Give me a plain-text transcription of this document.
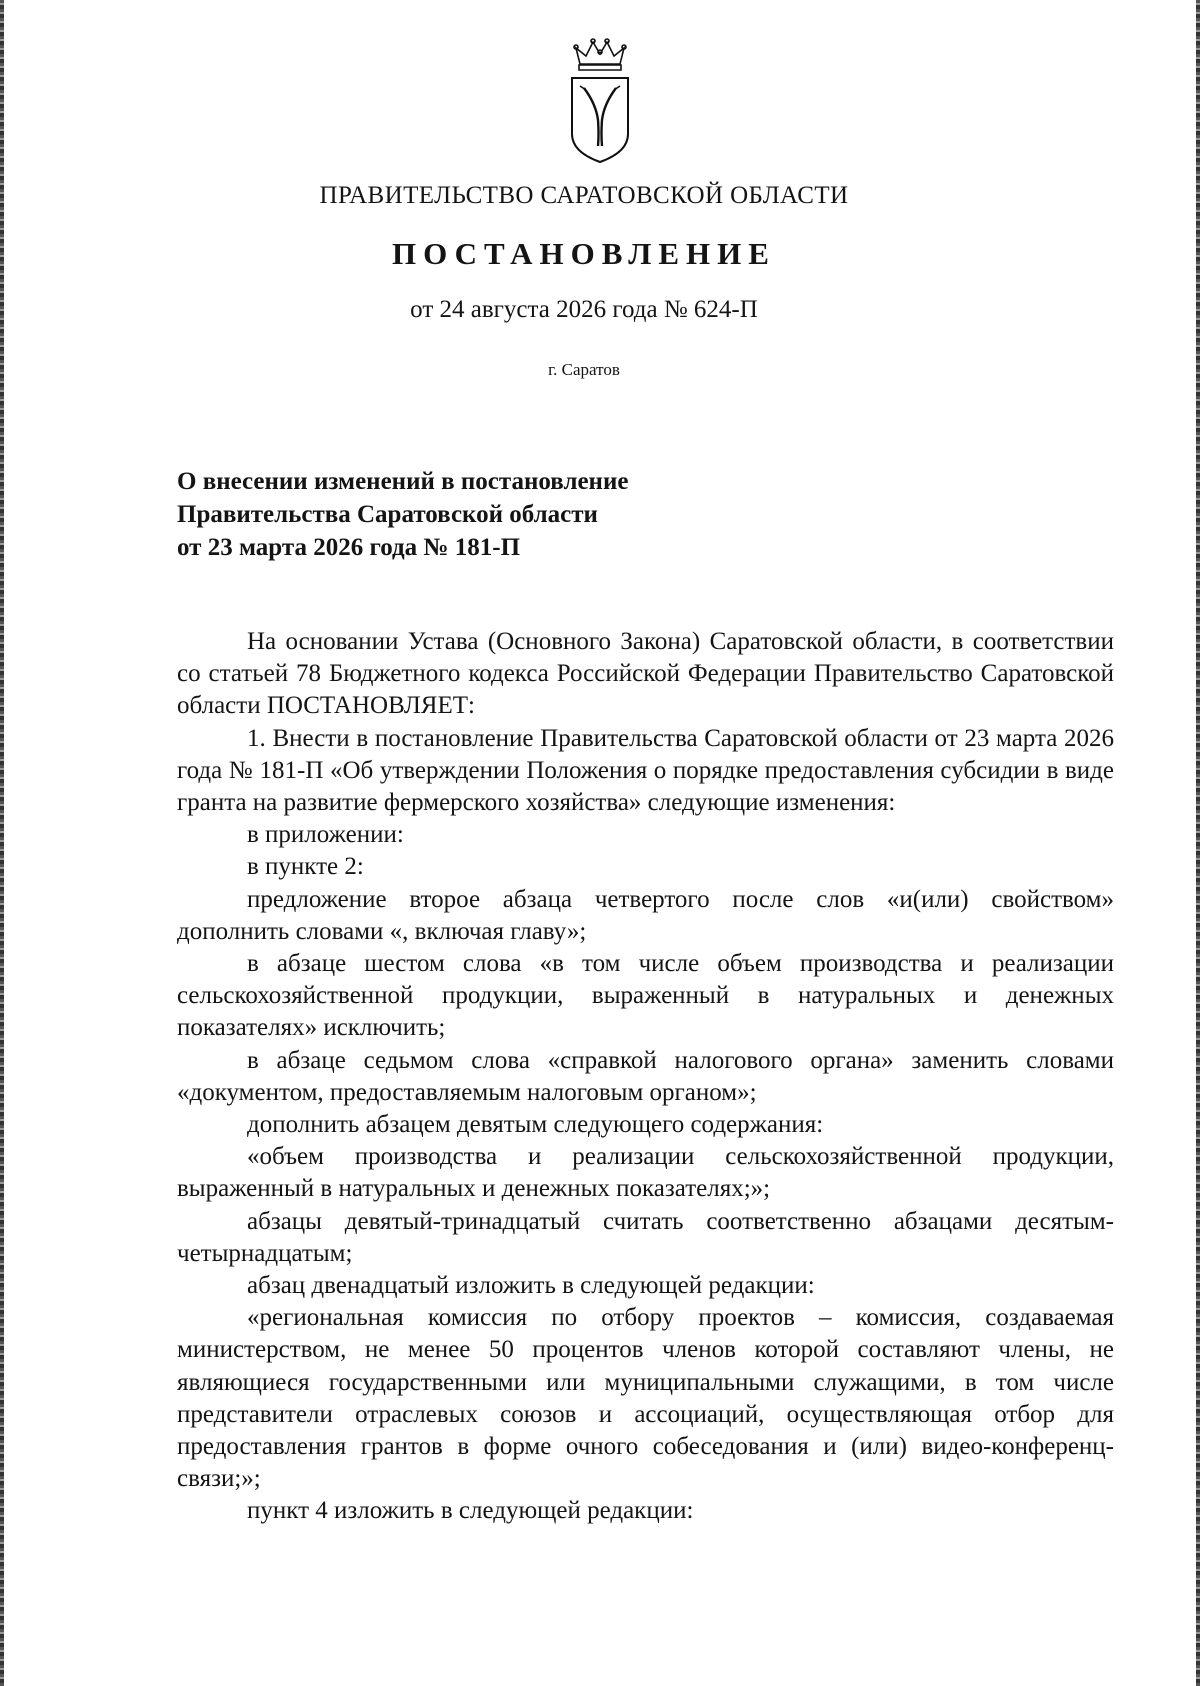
ПРАВИТЕЛЬСТВО САРАТОВСКОЙ ОБЛАСТИ
ПОСТАНОВЛЕНИЕ
от 24 августа 2026 года № 624-П
г. Саратов
О внесении изменений в постановление
Правительства Саратовской области
от 23 марта 2026 года № 181-П

На основании Устава (Основного Закона) Саратовской области, в соответствии со статьей 78 Бюджетного кодекса Российской Федерации Правительство Саратовской области ПОСТАНОВЛЯЕТ:

1. Внести в постановление Правительства Саратовской области от 23 марта 2026 года № 181-П «Об утверждении Положения о порядке предоставления субсидии в виде гранта на развитие фермерского хозяйства» следующие изменения:

в приложении:

в пункте 2:

предложение второе абзаца четвертого после слов «и(или) свойством» дополнить словами «, включая главу»;

в абзаце шестом слова «в том числе объем производства и реализации сельскохозяйственной продукции, выраженный в натуральных и денежных показателях» исключить;

в абзаце седьмом слова «справкой налогового органа» заменить словами «документом, предоставляемым налоговым органом»;

дополнить абзацем девятым следующего содержания:

«объем производства и реализации сельскохозяйственной продукции, выраженный в натуральных и денежных показателях;»;

абзацы девятый-тринадцатый считать соответственно абзацами десятым-четырнадцатым;

абзац двенадцатый изложить в следующей редакции:

«региональная комиссия по отбору проектов – комиссия, создаваемая министерством, не менее 50 процентов членов которой составляют члены, не являющиеся государственными или муниципальными служащими, в том числе представители отраслевых союзов и ассоциаций, осуществляющая отбор для предоставления грантов в форме очного собеседования и (или) видео-конференц-связи;»;

пункт 4 изложить в следующей редакции:
